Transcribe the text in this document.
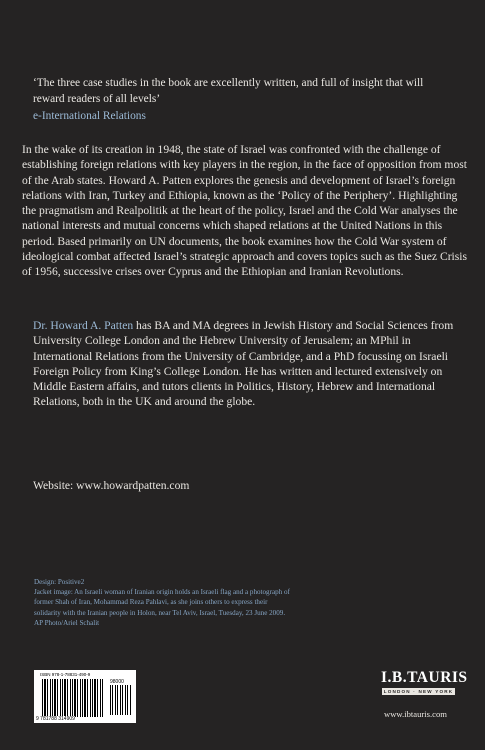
‘The three case studies in the book are excellently written, and full of insight that will reward readers of all levels’
e-International Relations
In the wake of its creation in 1948, the state of Israel was confronted with the challenge of establishing foreign relations with key players in the region, in the face of opposition from most of the Arab states. Howard A. Patten explores the genesis and development of Israel’s foreign relations with Iran, Turkey and Ethiopia, known as the ‘Policy of the Periphery’. Highlighting the pragmatism and Realpolitik at the heart of the policy, Israel and the Cold War analyses the national interests and mutual concerns which shaped relations at the United Nations in this period. Based primarily on UN documents, the book examines how the Cold War system of ideological combat affected Israel’s strategic approach and covers topics such as the Suez Crisis of 1956, successive crises over Cyprus and the Ethiopian and Iranian Revolutions.
Dr. Howard A. Patten has BA and MA degrees in Jewish History and Social Sciences from University College London and the Hebrew University of Jerusalem; an MPhil in International Relations from the University of Cambridge, and a PhD focussing on Israeli Foreign Policy from King’s College London. He has written and lectured extensively on Middle Eastern affairs, and tutors clients in Politics, History, Hebrew and International Relations, both in the UK and around the globe.
Website: www.howardpatten.com
Design: Positive2
Jacket image: An Israeli woman of Iranian origin holds an Israeli flag and a photograph of former Shah of Iran, Mohammad Reza Pahlavi, as she joins others to express their solidarity with the Iranian people in Holon, near Tel Aviv, Israel, Tuesday, 23 June 2009. AP Photo/Ariel Schalit
ISBN 978-1-78831-490-9
98000
9 781788 314909
I.B.TAURIS
LONDON · NEW YORK
www.ibtauris.com
